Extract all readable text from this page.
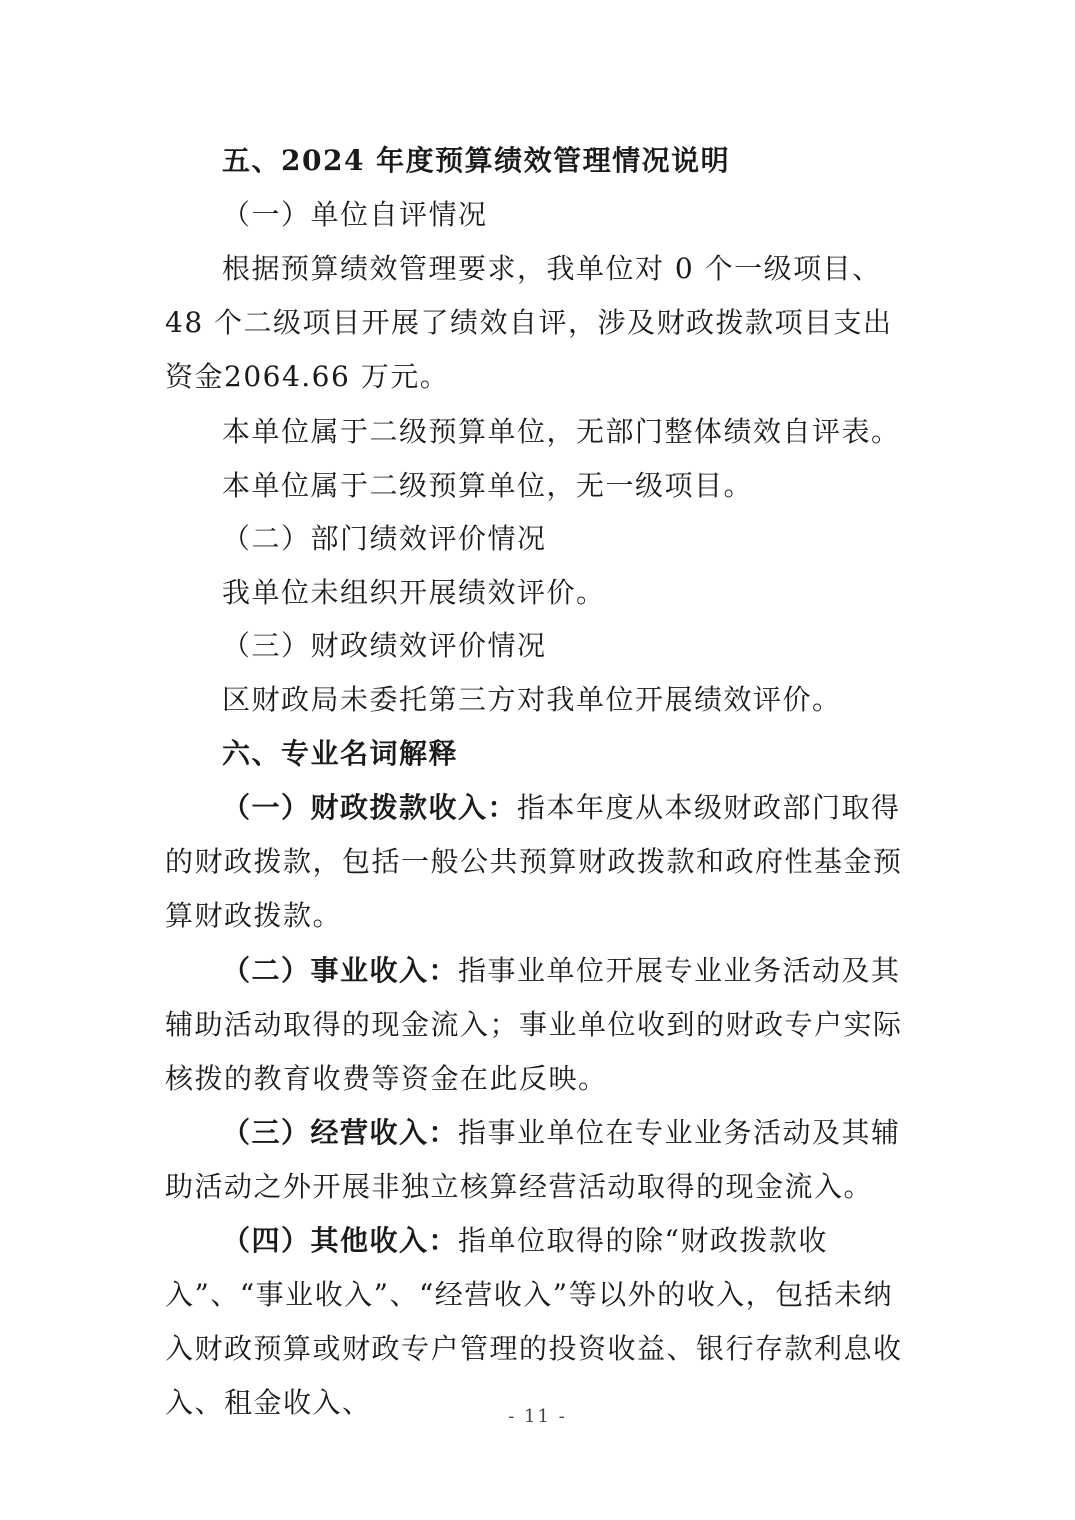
五、2024 年度预算绩效管理情况说明

（一）单位自评情况

根据预算绩效管理要求，我单位对 0 个一级项目、48 个二级项目开展了绩效自评，涉及财政拨款项目支出资金2064.66 万元。

本单位属于二级预算单位，无部门整体绩效自评表。

本单位属于二级预算单位，无一级项目。

（二）部门绩效评价情况

我单位未组织开展绩效评价。

（三）财政绩效评价情况

区财政局未委托第三方对我单位开展绩效评价。

六、专业名词解释

（一）财政拨款收入：指本年度从本级财政部门取得的财政拨款，包括一般公共预算财政拨款和政府性基金预算财政拨款。

（二）事业收入：指事业单位开展专业业务活动及其辅助活动取得的现金流入；事业单位收到的财政专户实际核拨的教育收费等资金在此反映。

（三）经营收入：指事业单位在专业业务活动及其辅助活动之外开展非独立核算经营活动取得的现金流入。

（四）其他收入：指单位取得的除“财政拨款收入”、“事业收入”、“经营收入”等以外的收入，包括未纳入财政预算或财政专户管理的投资收益、银行存款利息收入、租金收入、	- 11 -
